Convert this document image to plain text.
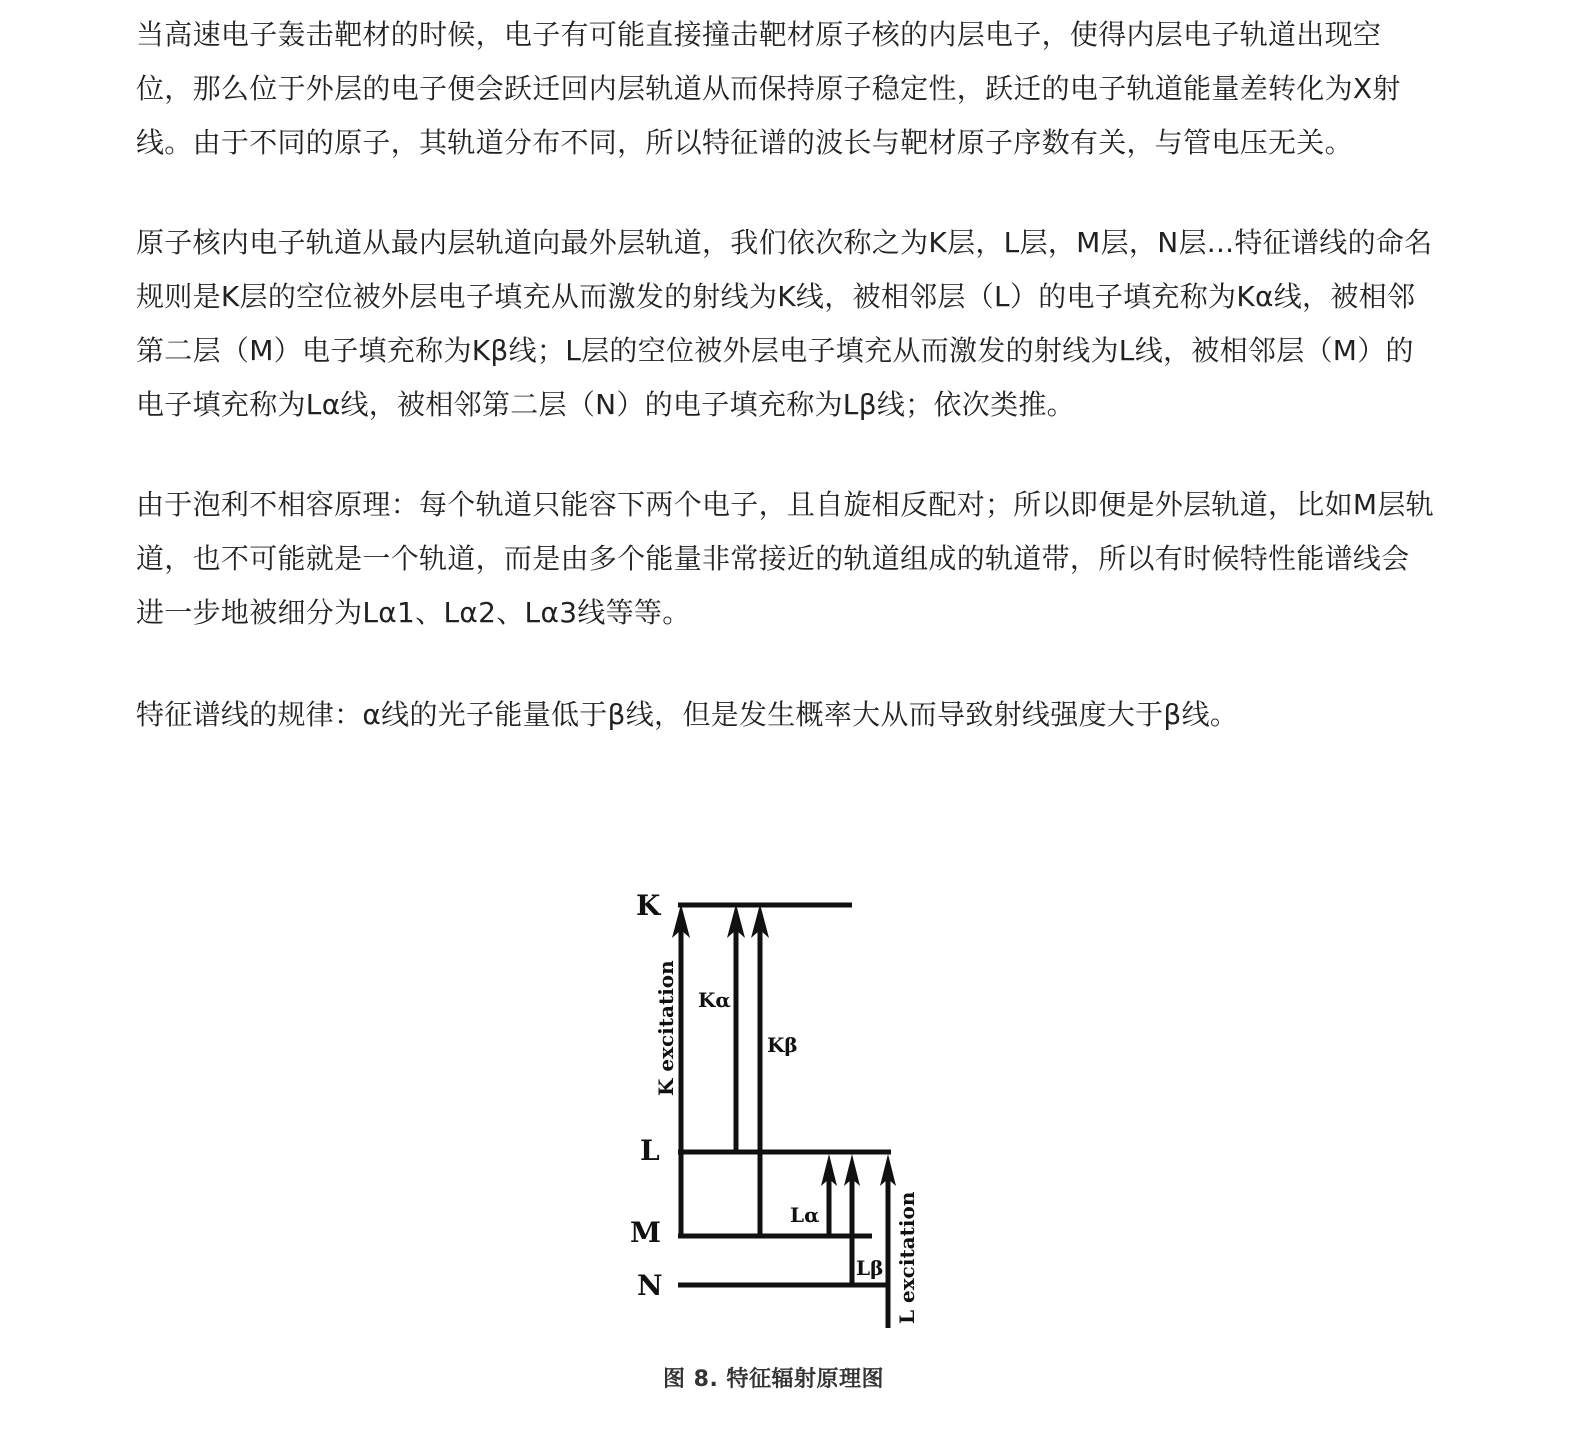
当高速电子轰击靶材的时候，电子有可能直接撞击靶材原子核的内层电子，使得内层电子轨道出现空位，那么位于外层的电子便会跃迁回内层轨道从而保持原子稳定性，跃迁的电子轨道能量差转化为X射线。由于不同的原子，其轨道分布不同，所以特征谱的波长与靶材原子序数有关，与管电压无关。

原子核内电子轨道从最内层轨道向最外层轨道，我们依次称之为K层，L层，M层，N层...特征谱线的命名规则是K层的空位被外层电子填充从而激发的射线为K线，被相邻层（L）的电子填充称为Kα线，被相邻第二层（M）电子填充称为Kβ线；L层的空位被外层电子填充从而激发的射线为L线，被相邻层（M）的电子填充称为Lα线，被相邻第二层（N）的电子填充称为Lβ线；依次类推。

由于泡利不相容原理：每个轨道只能容下两个电子，且自旋相反配对；所以即便是外层轨道，比如M层轨道，也不可能就是一个轨道，而是由多个能量非常接近的轨道组成的轨道带，所以有时候特性能谱线会进一步地被细分为Lα1、Lα2、Lα3线等等。

特征谱线的规律：α线的光子能量低于β线，但是发生概率大从而导致射线强度大于β线。

K
L
M
N
K excitation Kα
Kβ
Lα
Lβ L excitation
图 8. 特征辐射原理图
